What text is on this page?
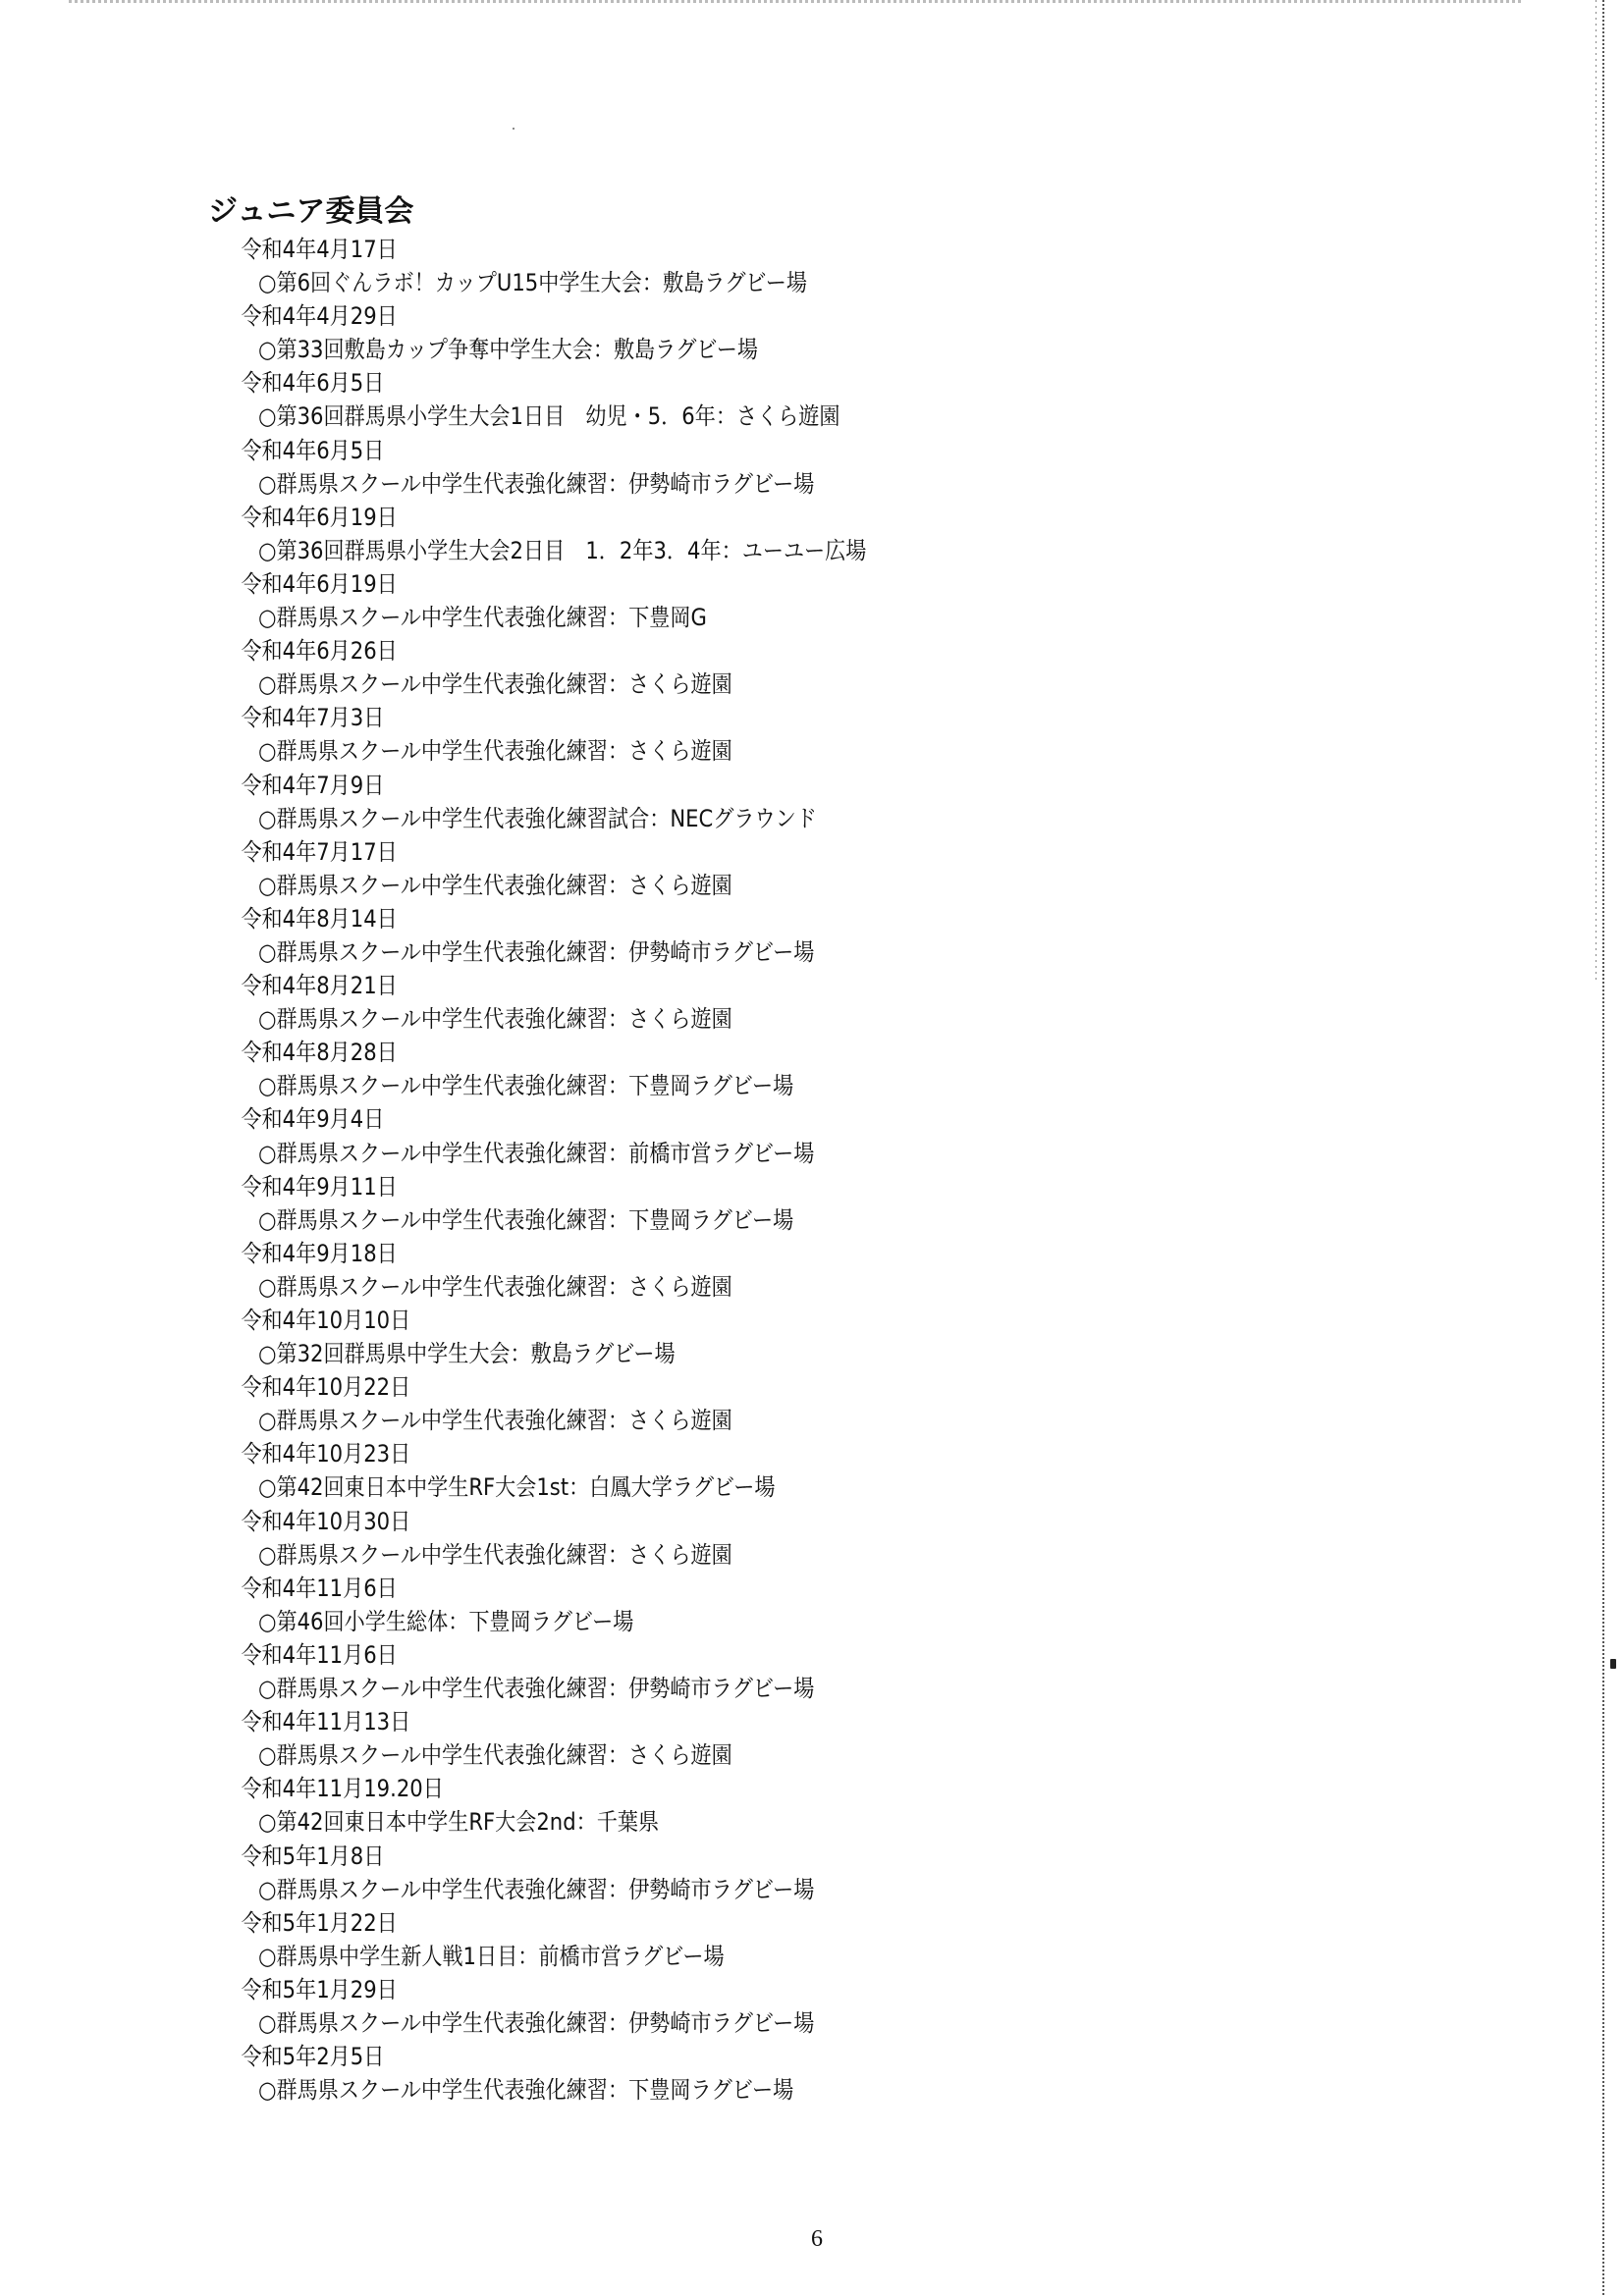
ジュニア委員会
令和4年4月17日
○第6回ぐんラボ！カップU15中学生大会：敷島ラグビー場
令和4年4月29日
○第33回敷島カップ争奪中学生大会：敷島ラグビー場
令和4年6月5日
○第36回群馬県小学生大会1日目　幼児・5．6年：さくら遊園
令和4年6月5日
○群馬県スクール中学生代表強化練習：伊勢崎市ラグビー場
令和4年6月19日
○第36回群馬県小学生大会2日目　1．2年3．4年：ユーユー広場
令和4年6月19日
○群馬県スクール中学生代表強化練習：下豊岡G
令和4年6月26日
○群馬県スクール中学生代表強化練習：さくら遊園
令和4年7月3日
○群馬県スクール中学生代表強化練習：さくら遊園
令和4年7月9日
○群馬県スクール中学生代表強化練習試合：NECグラウンド
令和4年7月17日
○群馬県スクール中学生代表強化練習：さくら遊園
令和4年8月14日
○群馬県スクール中学生代表強化練習：伊勢崎市ラグビー場
令和4年8月21日
○群馬県スクール中学生代表強化練習：さくら遊園
令和4年8月28日
○群馬県スクール中学生代表強化練習：下豊岡ラグビー場
令和4年9月4日
○群馬県スクール中学生代表強化練習：前橋市営ラグビー場
令和4年9月11日
○群馬県スクール中学生代表強化練習：下豊岡ラグビー場
令和4年9月18日
○群馬県スクール中学生代表強化練習：さくら遊園
令和4年10月10日
○第32回群馬県中学生大会：敷島ラグビー場
令和4年10月22日
○群馬県スクール中学生代表強化練習：さくら遊園
令和4年10月23日
○第42回東日本中学生RF大会1st：白鳳大学ラグビー場
令和4年10月30日
○群馬県スクール中学生代表強化練習：さくら遊園
令和4年11月6日
○第46回小学生総体：下豊岡ラグビー場
令和4年11月6日
○群馬県スクール中学生代表強化練習：伊勢崎市ラグビー場
令和4年11月13日
○群馬県スクール中学生代表強化練習：さくら遊園
令和4年11月19.20日
○第42回東日本中学生RF大会2nd：千葉県
令和5年1月8日
○群馬県スクール中学生代表強化練習：伊勢崎市ラグビー場
令和5年1月22日
○群馬県中学生新人戦1日目：前橋市営ラグビー場
令和5年1月29日
○群馬県スクール中学生代表強化練習：伊勢崎市ラグビー場
令和5年2月5日
○群馬県スクール中学生代表強化練習：下豊岡ラグビー場
6
